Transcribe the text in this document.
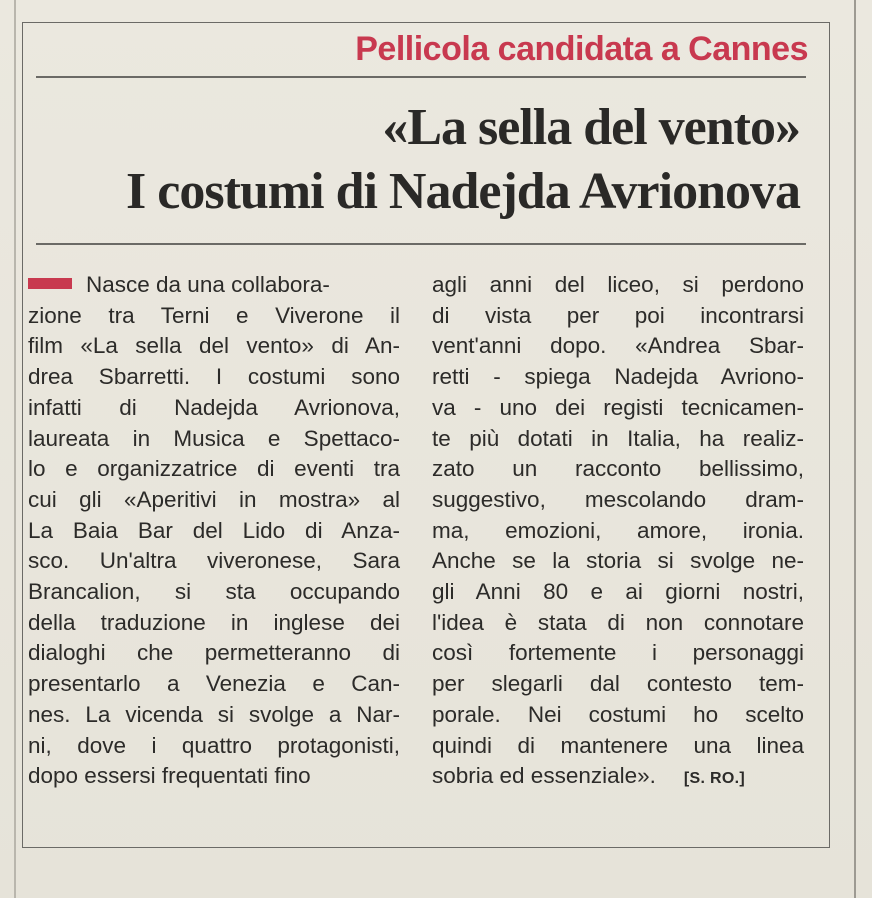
Pellicola candidata a Cannes
«La sella del vento»
I costumi di Nadejda Avrionova
Nasce da una collabora-
zione tra Terni e Viverone il
film «La sella del vento» di An-
drea Sbarretti. I costumi sono
infatti di Nadejda Avrionova,
laureata in Musica e Spettaco-
lo e organizzatrice di eventi tra
cui gli «Aperitivi in mostra» al
La Baia Bar del Lido di Anza-
sco. Un'altra viveronese, Sara
Brancalion, si sta occupando
della traduzione in inglese dei
dialoghi che permetteranno di
presentarlo a Venezia e Can-
nes. La vicenda si svolge a Nar-
ni, dove i quattro protagonisti,
dopo essersi frequentati fino
agli anni del liceo, si perdono
di vista per poi incontrarsi
vent'anni dopo. «Andrea Sbar-
retti - spiega Nadejda Avriono-
va - uno dei registi tecnicamen-
te più dotati in Italia, ha realiz-
zato un racconto bellissimo,
suggestivo, mescolando dram-
ma, emozioni, amore, ironia.
Anche se la storia si svolge ne-
gli Anni 80 e ai giorni nostri,
l'idea è stata di non connotare
così fortemente i personaggi
per slegarli dal contesto tem-
porale. Nei costumi ho scelto
quindi di mantenere una linea
sobria ed essenziale». [S. RO.]
